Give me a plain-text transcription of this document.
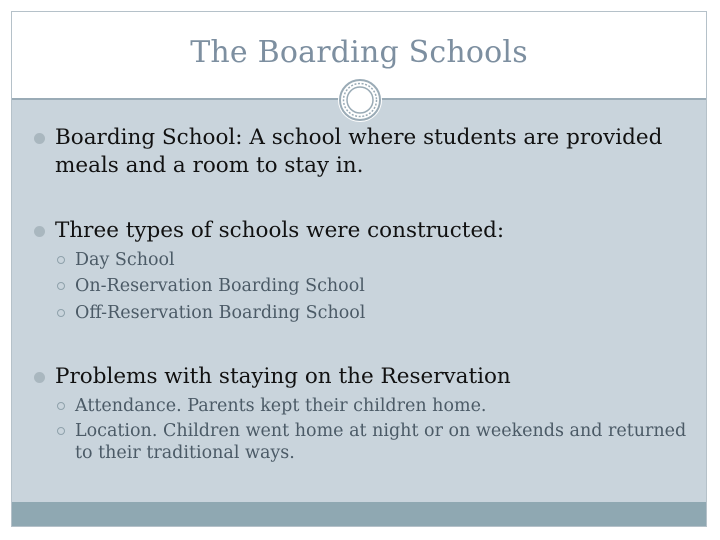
The Boarding Schools
Boarding School: A school where students are provided meals and a room to stay in.
Three types of schools were constructed:
Day School
On-Reservation Boarding School
Off-Reservation Boarding School
Problems with staying on the Reservation
Attendance. Parents kept their children home.
Location. Children went home at night or on weekends and returned to their traditional ways.
